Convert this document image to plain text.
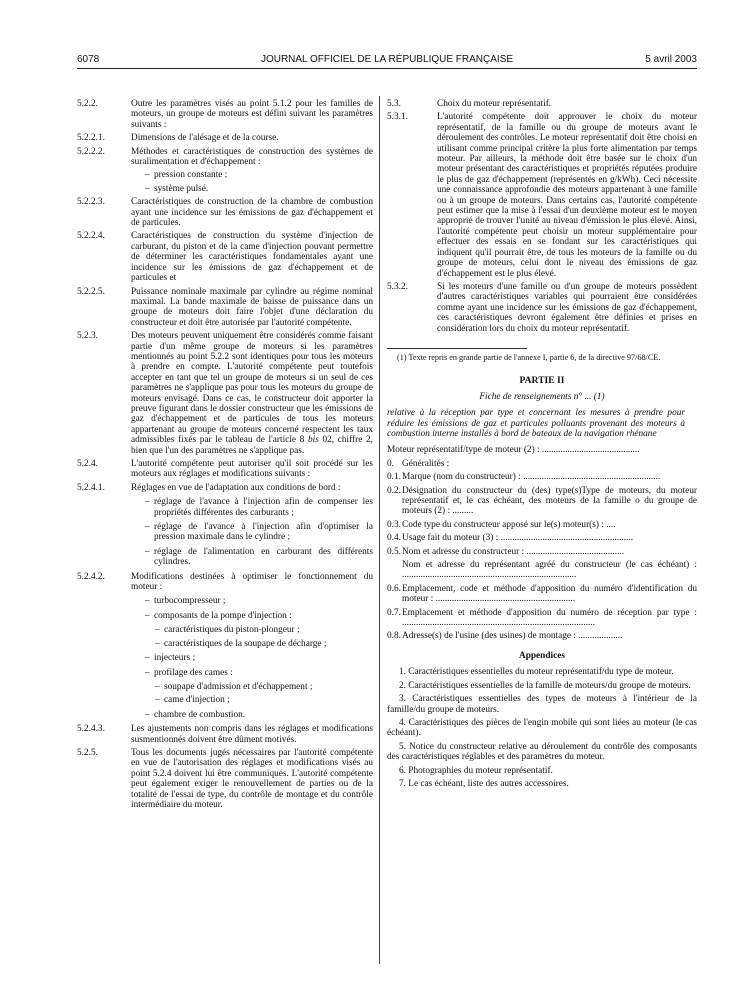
6078	JOURNAL OFFICIEL DE LA RÉPUBLIQUE FRANÇAISE	5 avril 2003
5.2.2.	Outre les paramètres visés au point 5.1.2 pour les familles de moteurs, un groupe de moteurs est défini suivant les paramètres suivants :
5.2.2.1.	Dimensions de l'alésage et de la course.
5.2.2.2.	Méthodes et caractéristiques de construction des systèmes de suralimentation et d'échappement :
– pression constante ;
– système pulsé.
5.2.2.3.	Caractéristiques de construction de la chambre de combustion ayant une incidence sur les émissions de gaz d'échappement et de particules.
5.2.2.4.	Caractéristiques de construction du système d'injection de carburant, du piston et de la came d'injection pouvant permettre de déterminer les caractéristiques fondamentales ayant une incidence sur les émissions de gaz d'échappement et de particules et
5.2.2.5.	Puissance nominale maximale par cylindre au régime nominal maximal. La bande maximale de baisse de puissance dans un groupe de moteurs doit faire l'objet d'une déclaration du constructeur et doit être autorisée par l'autorité compétente.
5.2.3.	Des moteurs peuvent uniquement être considérés comme faisant partie d'un même groupe de moteurs si les paramètres mentionnés au point 5.2.2 sont identiques pour tous les moteurs à prendre en compte. L'autorité compétente peut toutefois accepter en tant que tel un groupe de moteurs si un seul de ces paramètres ne s'applique pas pour tous les moteurs du groupe de moteurs envisagé. Dans ce cas, le constructeur doit apporter la preuve figurant dans le dossier constructeur que les émissions de gaz d'échappement et de particules de tous les moteurs appartenant au groupe de moteurs concerné respectent les taux admissibles fixés par le tableau de l'article 8 bis 02, chiffre 2, bien que l'un des paramètres ne s'applique pas.
5.2.4.	L'autorité compétente peut autoriser qu'il soit procédé sur les moteurs aux réglages et modifications suivants :
5.2.4.1.	Réglages en vue de l'adaptation aux conditions de bord :
– réglage de l'avance à l'injection afin de compenser les propriétés différentes des carburants ;
– réglage de l'avance à l'injection afin d'optimiser la pression maximale dans le cylindre ;
– réglage de l'alimentation en carburant des différents cylindres.
5.2.4.2.	Modifications destinées à optimiser le fonctionnement du moteur :
– turbocompresseur ;
– composants de la pompe d'injection :
– caractéristiques du piston-plongeur ;
– caractéristiques de la soupape de décharge ;
– injecteurs ;
– profilage des cames :
– soupape d'admission et d'échappement ;
– came d'injection ;
– chambre de combustion.
5.2.4.3.	Les ajustements non compris dans les réglages et modifications susmentionnés doivent être dûment motivés.
5.2.5.	Tous les documents jugés nécessaires par l'autorité compétente en vue de l'autorisation des réglages et modifications visés au point 5.2.4 doivent lui être communiqués. L'autorité compétente peut également exiger le renouvellement de parties ou de la totalité de l'essai de type, du contrôle de montage et du contrôle intermédiaire du moteur.
5.3.	Choix du moteur représentatif.
5.3.1.	L'autorité compétente doit approuver le choix du moteur représentatif, de la famille ou du groupe de moteurs avant le déroulement des contrôles. Le moteur représentatif doit être choisi en utilisant comme principal critère la plus forte alimentation par temps moteur. Par ailleurs, la méthode doit être basée sur le choix d'un moteur présentant des caractéristiques et propriétés réputées produire le plus de gaz d'échappement (représentés en g/kWh). Ceci nécessite une connaissance approfondie des moteurs appartenant à une famille ou à un groupe de moteurs. Dans certains cas, l'autorité compétente peut estimer que la mise à l'essai d'un deuxième moteur est le moyen approprié de trouver l'unité au niveau d'émission le plus élevé. Ainsi, l'autorité compétente peut choisir un moteur supplémentaire pour effectuer des essais en se fondant sur les caractéristiques qui indiquent qu'il pourrait être, de tous les moteurs de la famille ou du groupe de moteurs, celui dont le niveau des émissions de gaz d'échappement est le plus élevé.
5.3.2.	Si les moteurs d'une famille ou d'un groupe de moteurs possèdent d'autres caractéristiques variables qui pourraient être considérées comme ayant une incidence sur les émissions de gaz d'échappement, ces caractéristiques devront également être définies et prises en considération lors du choix du moteur représentatif.
(1) Texte repris en grande partie de l'annexe I, partie 6, de la directive 97/68/CE.
PARTIE II
Fiche de renseignements n° ... (1)
relative à la réception par type et concernant les mesures à prendre pour réduire les émissions de gaz et particules polluants provenant des moteurs à combustion interne installés à bord de bateaux de la navigation rhénane
Moteur représentatif/type de moteur (2) : ..........................................
0. Généralités :
0.1. Marque (nom du constructeur) : ...........................................................
0.2. Désignation du constructeur du (des) type(s)Type de moteurs, du moteur représentatif et, le cas échéant, des moteurs de la famille o du groupe de moteurs (2) : .........
0.3. Code type du constructeur apposé sur le(s) moteur(s) : ....
0.4. Usage fait du moteur (3) : .........................................................
0.5. Nom et adresse du constructeur : ..........................................
Nom et adresse du représentant agréé du constructeur (le cas échéant) : ...........................................................................
0.6. Emplacement, code et méthode d'apposition du numéro d'identification du moteur : ............................................................
0.7. Emplacement et méthode d'apposition du numéro de réception par type : ...................................................................................
0.8. Adresse(s) de l'usine (des usines) de montage : ...................
Appendices
1. Caractéristiques essentielles du moteur représentatif/du type de moteur.
2. Caractéristiques essentielles de la famille de moteurs/du groupe de moteurs.
3. Caractéristiques essentielles des types de moteurs à l'intérieur de la famille/du groupe de moteurs.
4. Caractéristiques des pièces de l'engin mobile qui sont liées au moteur (le cas échéant).
5. Notice du constructeur relative au déroulement du contrôle des composants des caractéristiques réglables et des paramètres du moteur.
6. Photographies du moteur représentatif.
7. Le cas échéant, liste des autres accessoires.
